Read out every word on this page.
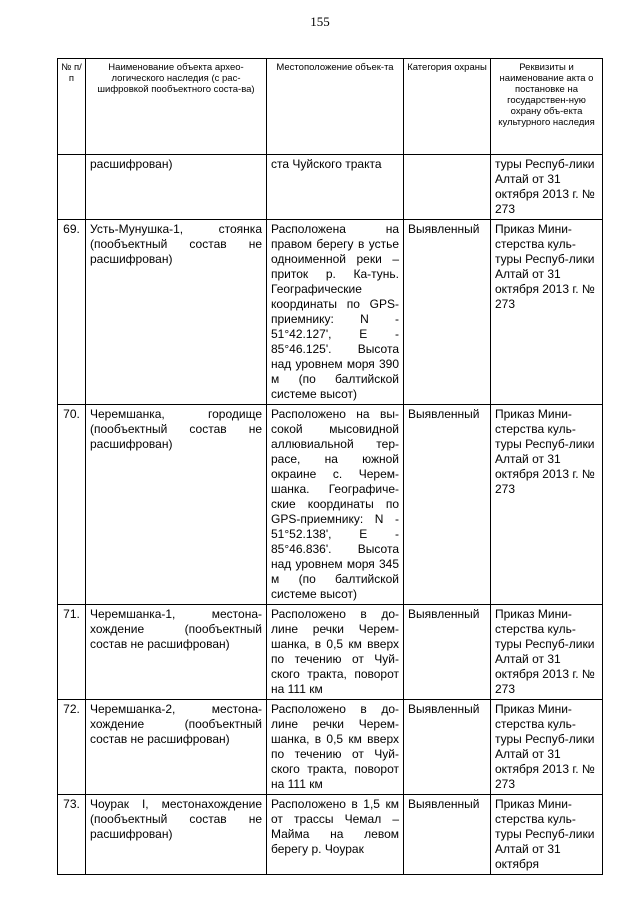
155
№ п/п	Наименование объекта архео-логического наследия (с рас-шифровкой пообъектного соста-ва)	Местоположение объек-та	Категория охраны	Реквизиты и наименование акта о постановке на государствен-ную охрану объ-екта культурного наследия
	расшифрован)	ста Чуйского тракта		туры Респуб-лики Алтай от 31 октября 2013 г. № 273
69.	Усть-Мунушка-1, стоянка (пообъектный состав не расшифрован)	Расположена на правом берегу в устье одноименной реки – приток р. Ка-тунь. Географические координаты по GPS-приемнику: N - 51°42.127', E - 85°46.125'. Высота над уровнем моря 390 м (по балтийской системе высот)	Выявленный	Приказ Мини-стерства куль-туры Респуб-лики Алтай от 31 октября 2013 г. № 273
70.	Черемшанка, городище (пообъектный состав не расшифрован)	Расположено на вы-сокой мысовидной аллювиальной тер-расе, на южной окраине с. Черем-шанка. Географиче-ские координаты по GPS-приемнику: N - 51°52.138', E - 85°46.836'. Высота над уровнем моря 345 м (по балтийской системе высот)	Выявленный	Приказ Мини-стерства куль-туры Респуб-лики Алтай от 31 октября 2013 г. № 273
71.	Черемшанка-1, местона-хождение (пообъектный состав не расшифрован)	Расположено в до-лине речки Черем-шанка, в 0,5 км вверх по течению от Чуй-ского тракта, поворот на 111 км	Выявленный	Приказ Мини-стерства куль-туры Респуб-лики Алтай от 31 октября 2013 г. № 273
72.	Черемшанка-2, местона-хождение (пообъектный состав не расшифрован)	Расположено в до-лине речки Черем-шанка, в 0,5 км вверх по течению от Чуй-ского тракта, поворот на 111 км	Выявленный	Приказ Мини-стерства куль-туры Респуб-лики Алтай от 31 октября 2013 г. № 273
73.	Чоурак I, местонахождение (пообъектный состав не расшифрован)	Расположено в 1,5 км от трассы Чемал – Майма на левом берегу р. Чоурак	Выявленный	Приказ Мини-стерства куль-туры Респуб-лики Алтай от 31 октября
